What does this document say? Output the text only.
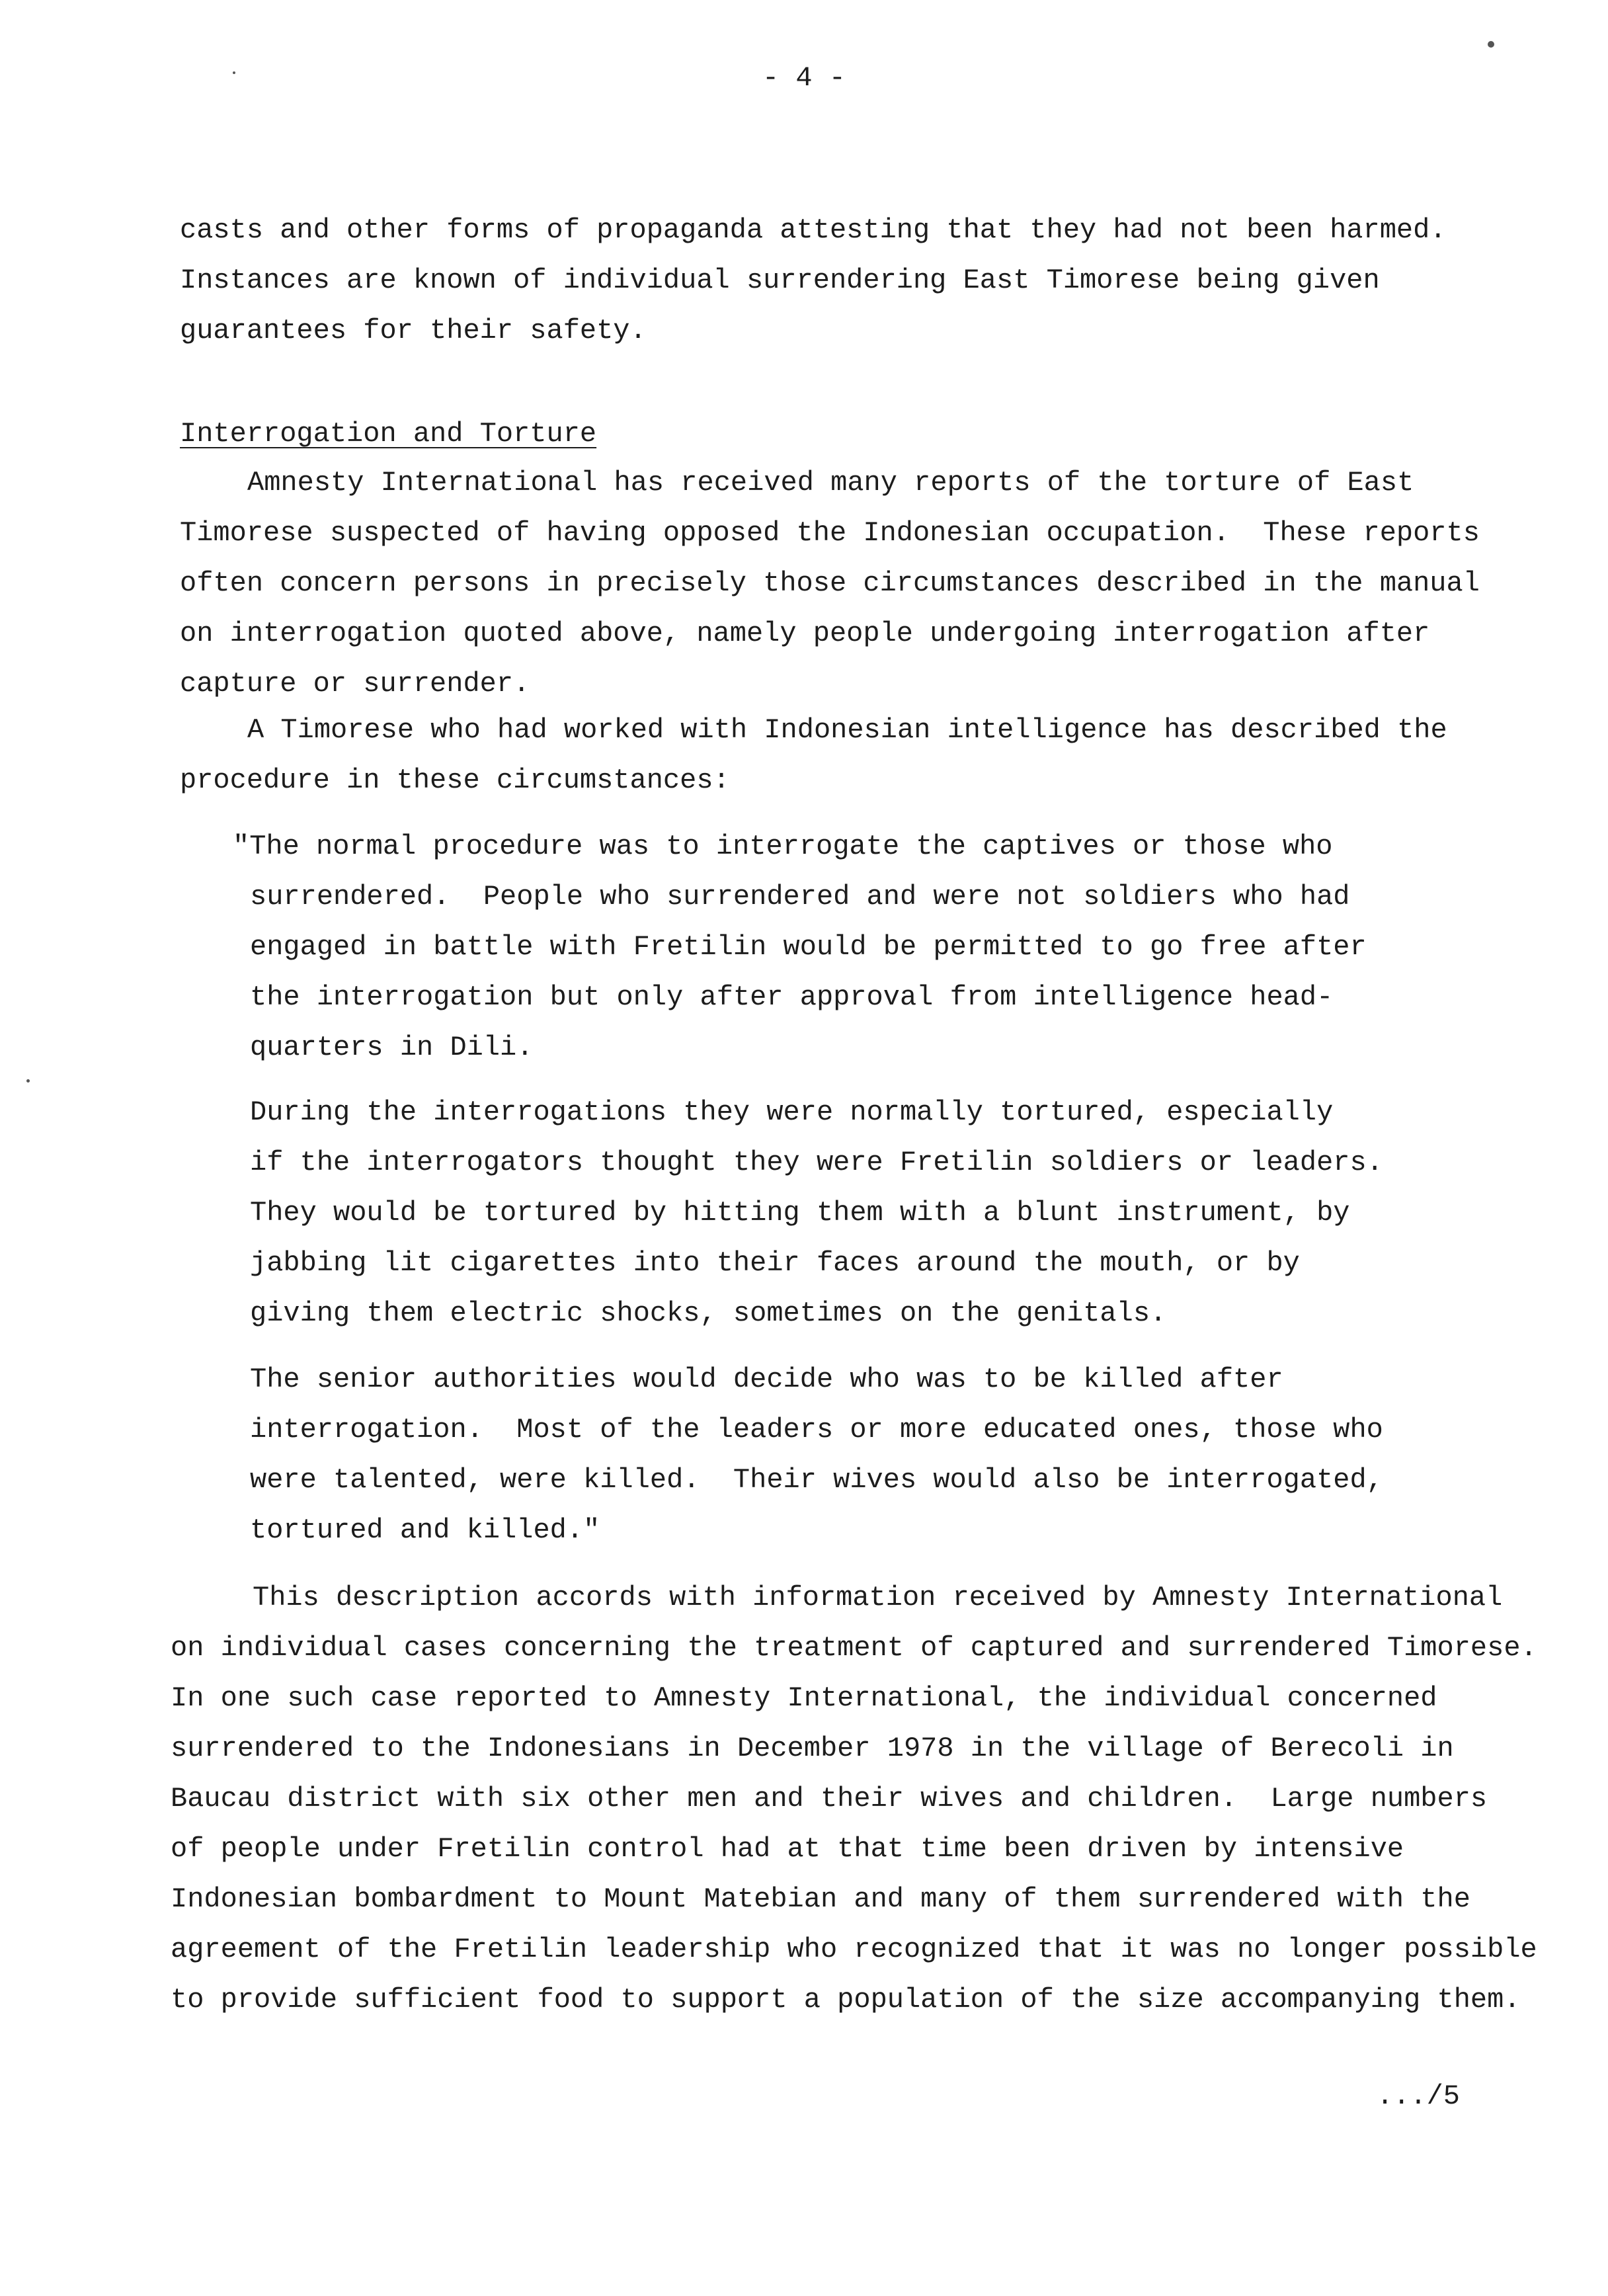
- 4 -
casts and other forms of propaganda attesting that they had not been harmed.
Instances are known of individual surrendering East Timorese being given
guarantees for their safety.
Interrogation and Torture
Amnesty International has received many reports of the torture of East
Timorese suspected of having opposed the Indonesian occupation.  These reports
often concern persons in precisely those circumstances described in the manual
on interrogation quoted above, namely people undergoing interrogation after
capture or surrender.
A Timorese who had worked with Indonesian intelligence has described the
procedure in these circumstances:
"The normal procedure was to interrogate the captives or those who
surrendered.  People who surrendered and were not soldiers who had
engaged in battle with Fretilin would be permitted to go free after
the interrogation but only after approval from intelligence head-
quarters in Dili.
During the interrogations they were normally tortured, especially
if the interrogators thought they were Fretilin soldiers or leaders.
They would be tortured by hitting them with a blunt instrument, by
jabbing lit cigarettes into their faces around the mouth, or by
giving them electric shocks, sometimes on the genitals.
The senior authorities would decide who was to be killed after
interrogation.  Most of the leaders or more educated ones, those who
were talented, were killed.  Their wives would also be interrogated,
tortured and killed."
This description accords with information received by Amnesty International
on individual cases concerning the treatment of captured and surrendered Timorese.
In one such case reported to Amnesty International, the individual concerned
surrendered to the Indonesians in December 1978 in the village of Berecoli in
Baucau district with six other men and their wives and children.  Large numbers
of people under Fretilin control had at that time been driven by intensive
Indonesian bombardment to Mount Matebian and many of them surrendered with the
agreement of the Fretilin leadership who recognized that it was no longer possible
to provide sufficient food to support a population of the size accompanying them.
.../5
